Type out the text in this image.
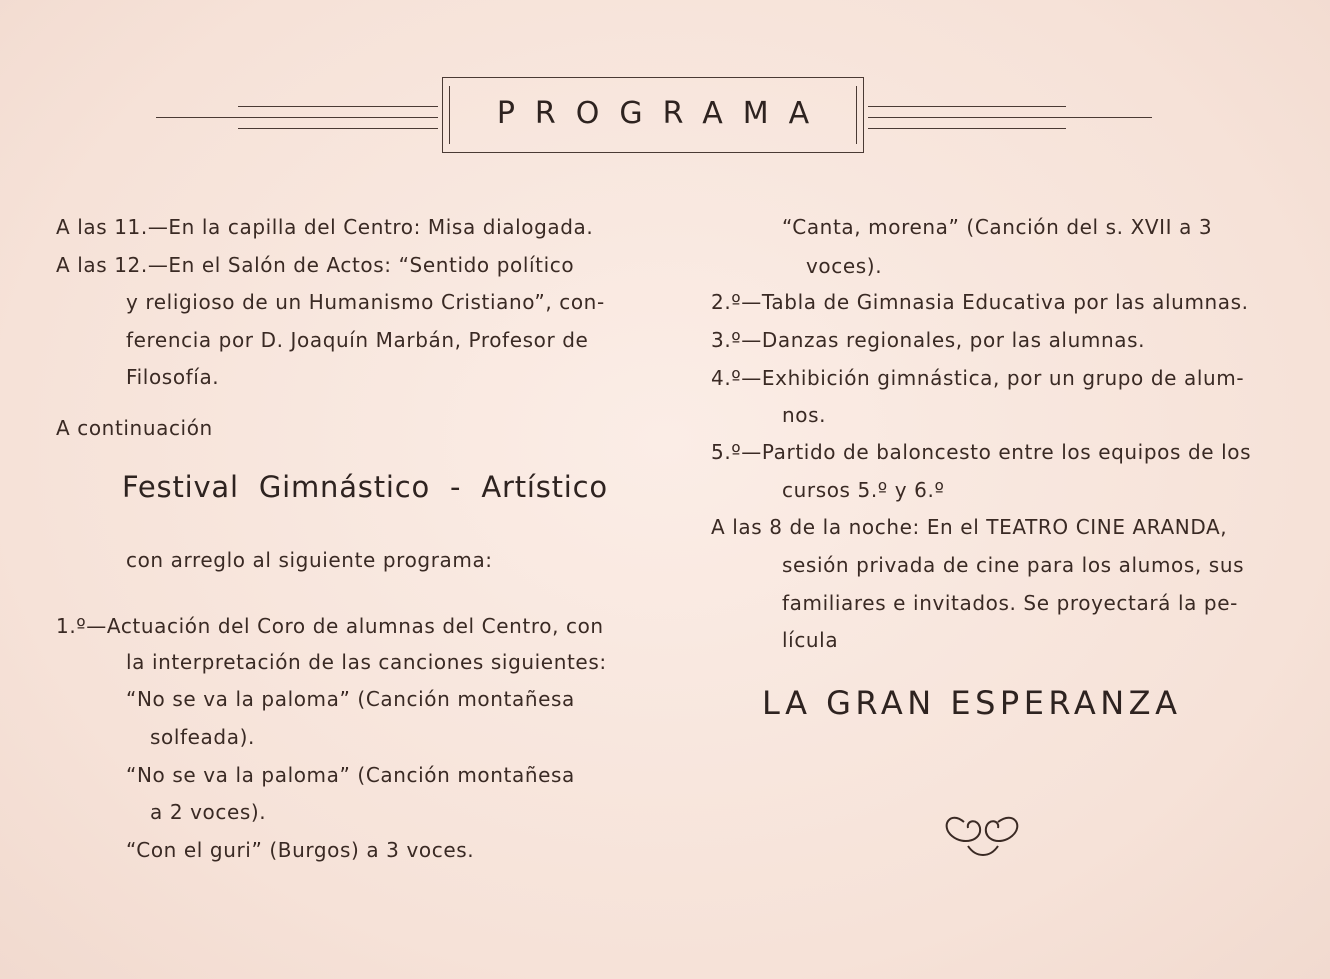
PROGRAMA
A las 11.—En la capilla del Centro: Misa dialogada.
A las 12.—En el Salón de Actos: “Sentido político
y religioso de un Humanismo Cristiano”, con-
ferencia por D. Joaquín Marbán, Profesor de
Filosofía.
A continuación
Festival Gimnástico - Artístico
con arreglo al siguiente programa:
1.º—Actuación del Coro de alumnas del Centro, con
la interpretación de las canciones siguientes:
“No se va la paloma” (Canción montañesa
solfeada).
“No se va la paloma” (Canción montañesa
a 2 voces).
“Con el guri” (Burgos) a 3 voces.
“Canta, morena” (Canción del s. XVII a 3
voces).
2.º—Tabla de Gimnasia Educativa por las alumnas.
3.º—Danzas regionales, por las alumnas.
4.º—Exhibición gimnástica, por un grupo de alum-
nos.
5.º—Partido de baloncesto entre los equipos de los
cursos 5.º y 6.º
A las 8 de la noche: En el TEATRO CINE ARANDA,
sesión privada de cine para los alumos, sus
familiares e invitados. Se proyectará la pe-
lícula
LA GRAN ESPERANZA
